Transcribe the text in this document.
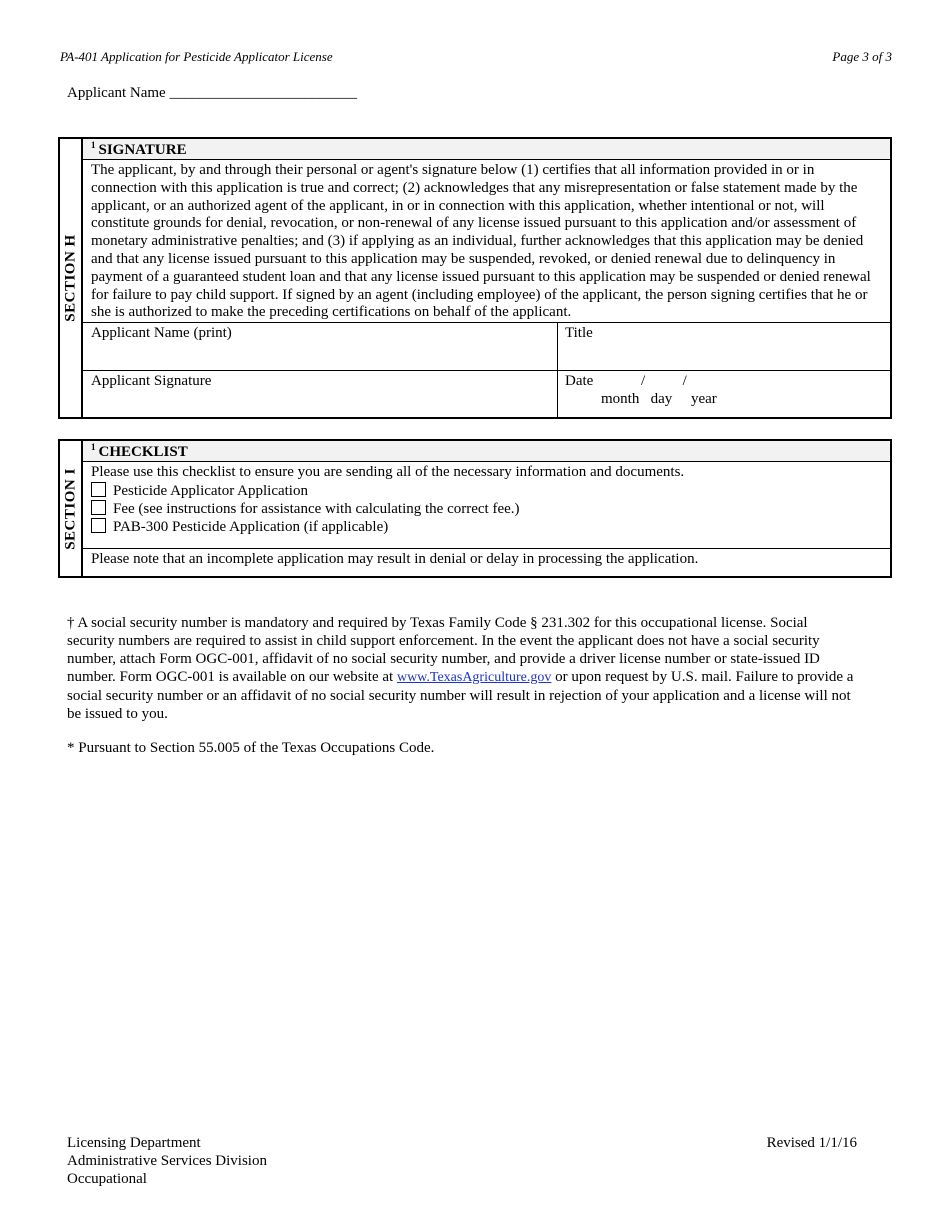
PA-401 Application for Pesticide Applicator License	Page 3 of 3
Applicant Name _________________________
SECTION H
$^1$ SIGNATURE
The applicant, by and through their personal or agent's signature below (1) certifies that all information provided in or in connection with this application is true and correct; (2) acknowledges that any misrepresentation or false statement made by the applicant, or an authorized agent of the applicant, in or in connection with this application, whether intentional or not, will constitute grounds for denial, revocation, or non-renewal of any license issued pursuant to this application and/or assessment of monetary administrative penalties; and (3) if applying as an individual, further acknowledges that this application may be denied and that any license issued pursuant to this application may be suspended, revoked, or denied renewal due to delinquency in payment of a guaranteed student loan and that any license issued pursuant to this application may be suspended or denied renewal for failure to pay child support. If signed by an agent (including employee) of the applicant, the person signing certifies that he or she is authorized to make the preceding certifications on behalf of the applicant.
Applicant Name (print)	Title
Applicant Signature	Date	/          /
month   day     year
SECTION I
$^1$ CHECKLIST
Please use this checklist to ensure you are sending all of the necessary information and documents.
Pesticide Applicator Application
Fee (see instructions for assistance with calculating the correct fee.)
PAB-300 Pesticide Application (if applicable)
Please note that an incomplete application may result in denial or delay in processing the application.
† A social security number is mandatory and required by Texas Family Code § 231.302 for this occupational license. Social security numbers are required to assist in child support enforcement. In the event the applicant does not have a social security number, attach Form OGC-001, affidavit of no social security number, and provide a driver license number or state-issued ID number. Form OGC-001 is available on our website at www.TexasAgriculture.gov or upon request by U.S. mail. Failure to provide a social security number or an affidavit of no social security number will result in rejection of your application and a license will not be issued to you.
* Pursuant to Section 55.005 of the Texas Occupations Code.
Licensing Department
Administrative Services Division
Occupational
Revised 1/1/16
